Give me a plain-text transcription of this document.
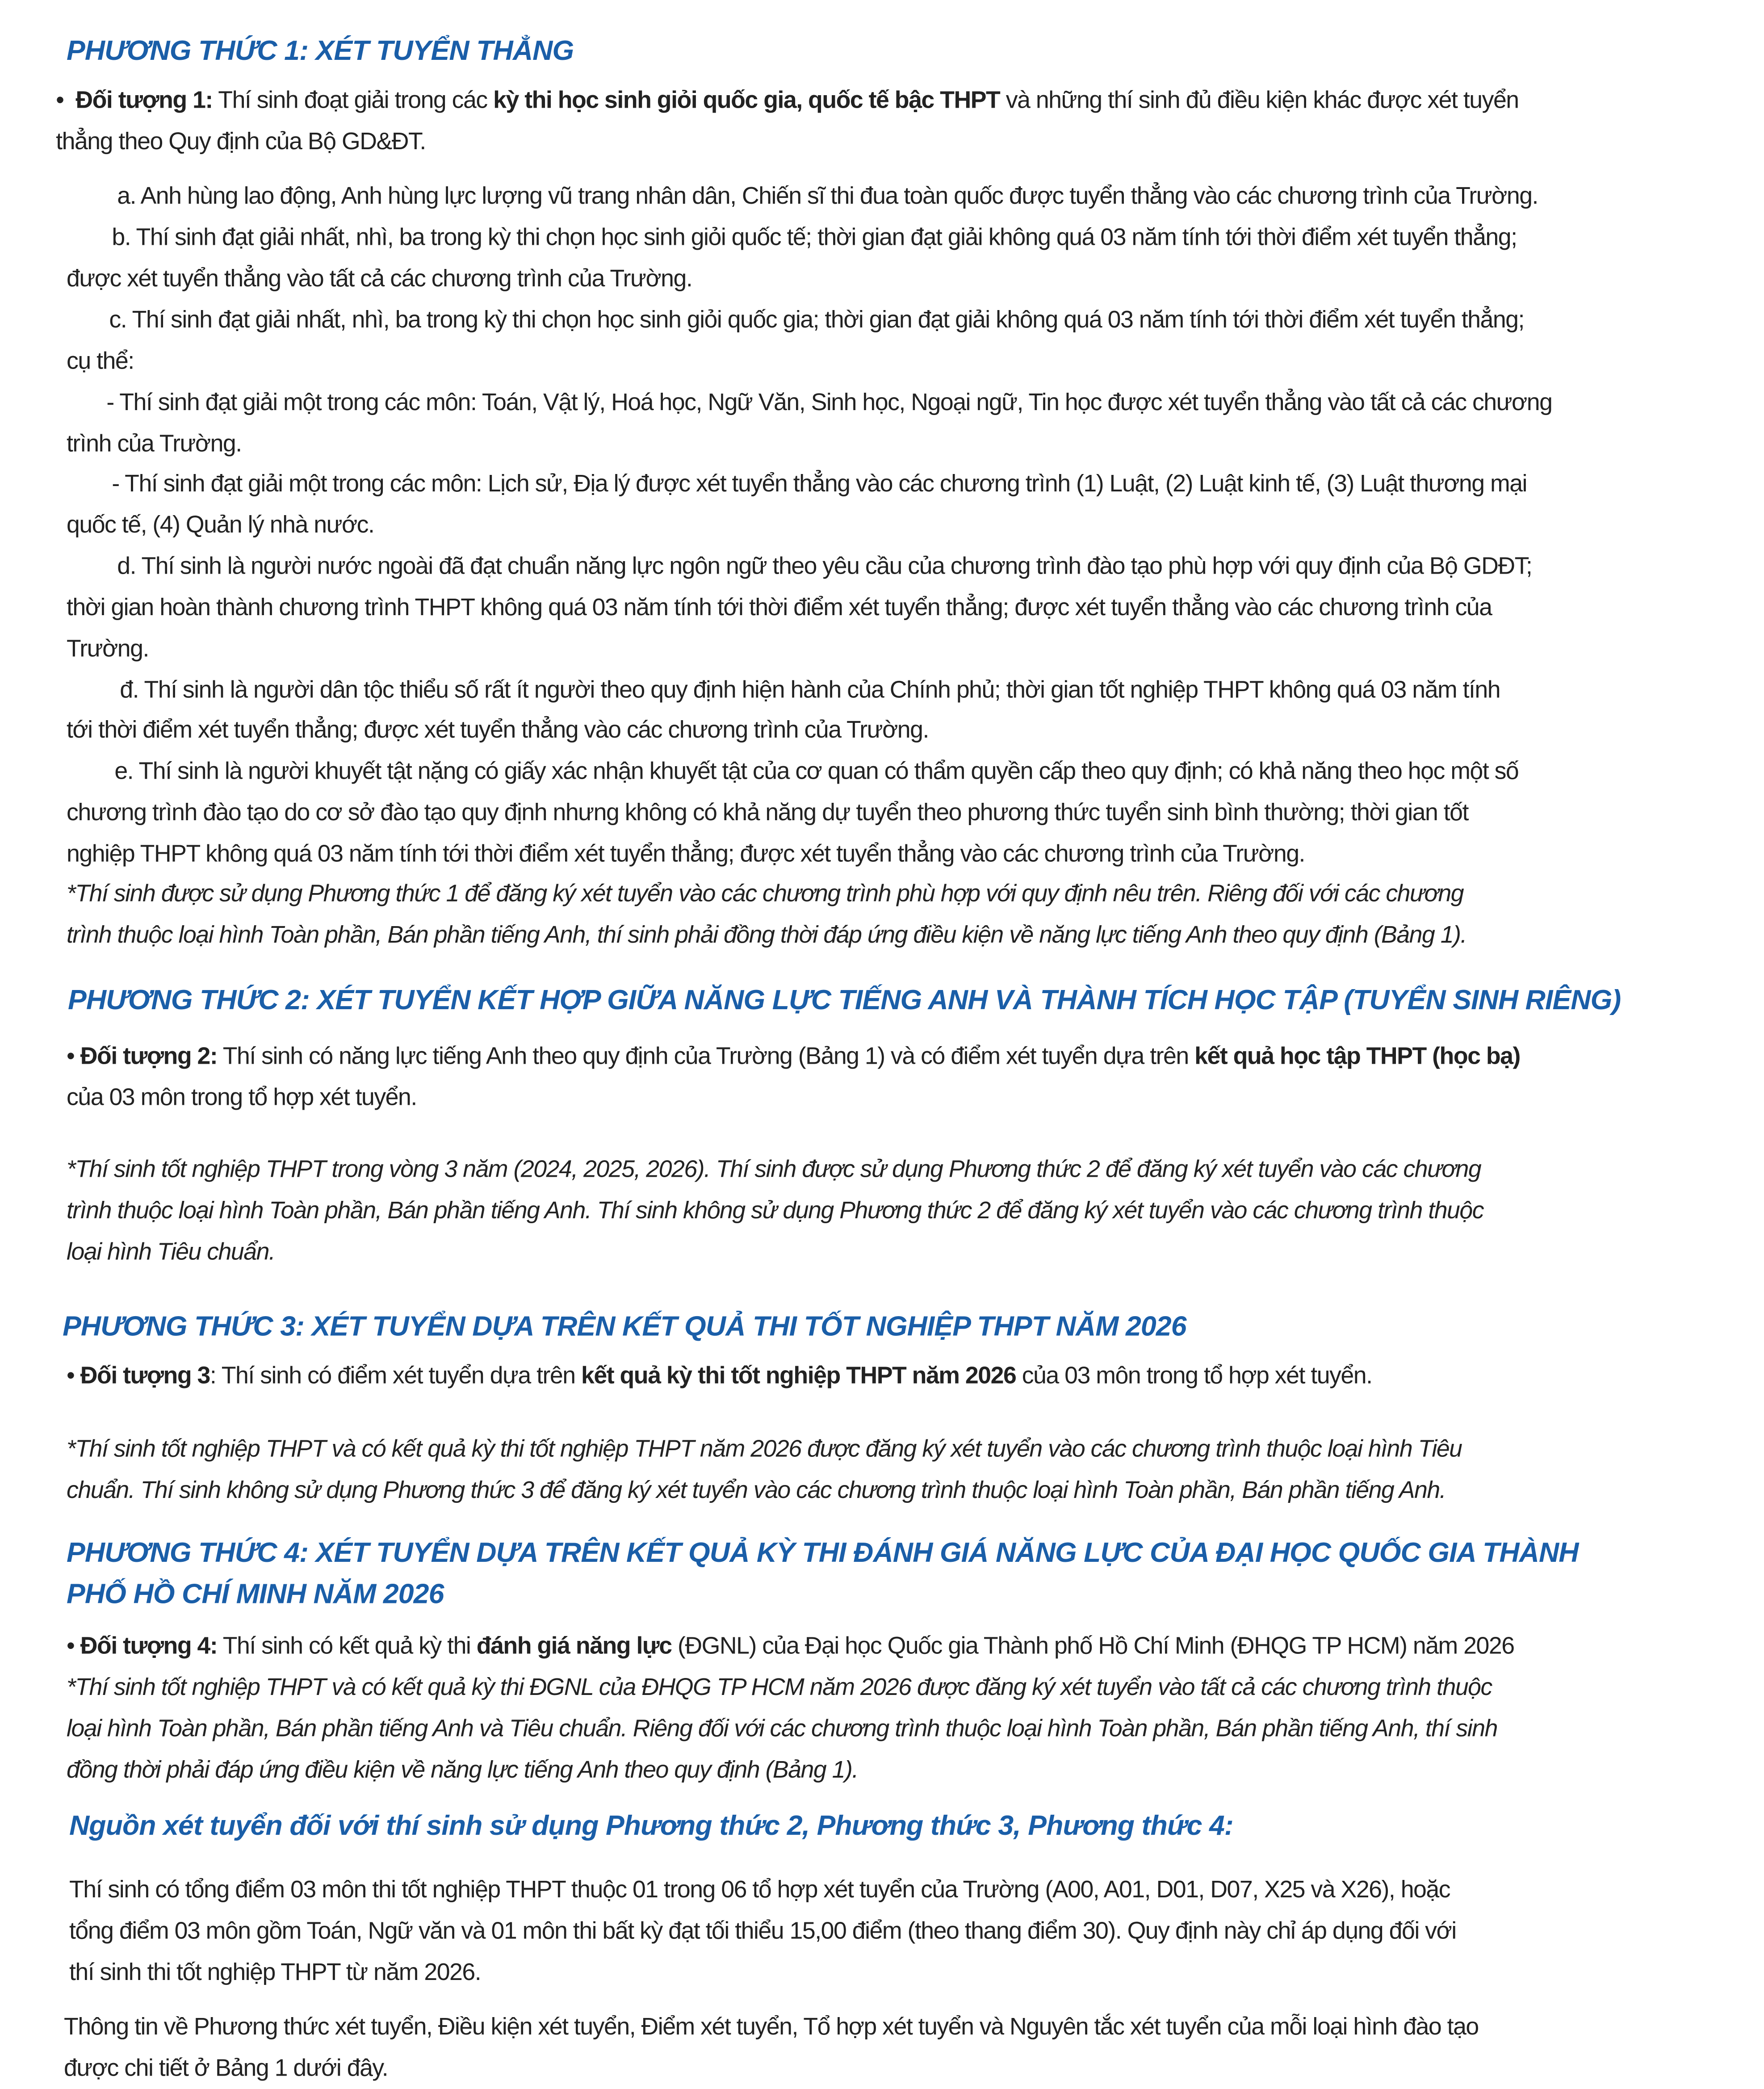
PHƯƠNG THỨC 1: XÉT TUYỂN THẲNG
• Đối tượng 1: Thí sinh đoạt giải trong các kỳ thi học sinh giỏi quốc gia, quốc tế bậc THPT và những thí sinh đủ điều kiện khác được xét tuyển
thẳng theo Quy định của Bộ GD&ĐT.
a. Anh hùng lao động, Anh hùng lực lượng vũ trang nhân dân, Chiến sĩ thi đua toàn quốc được tuyển thẳng vào các chương trình của Trường.
b. Thí sinh đạt giải nhất, nhì, ba trong kỳ thi chọn học sinh giỏi quốc tế; thời gian đạt giải không quá 03 năm tính tới thời điểm xét tuyển thẳng;
được xét tuyển thẳng vào tất cả các chương trình của Trường.
c. Thí sinh đạt giải nhất, nhì, ba trong kỳ thi chọn học sinh giỏi quốc gia; thời gian đạt giải không quá 03 năm tính tới thời điểm xét tuyển thẳng;
cụ thể:
- Thí sinh đạt giải một trong các môn: Toán, Vật lý, Hoá học, Ngữ Văn, Sinh học, Ngoại ngữ, Tin học được xét tuyển thẳng vào tất cả các chương
trình của Trường.
- Thí sinh đạt giải một trong các môn: Lịch sử, Địa lý được xét tuyển thẳng vào các chương trình (1) Luật, (2) Luật kinh tế, (3) Luật thương mại
quốc tế, (4) Quản lý nhà nước.
d. Thí sinh là người nước ngoài đã đạt chuẩn năng lực ngôn ngữ theo yêu cầu của chương trình đào tạo phù hợp với quy định của Bộ GDĐT;
thời gian hoàn thành chương trình THPT không quá 03 năm tính tới thời điểm xét tuyển thẳng; được xét tuyển thẳng vào các chương trình của
Trường.
đ. Thí sinh là người dân tộc thiểu số rất ít người theo quy định hiện hành của Chính phủ; thời gian tốt nghiệp THPT không quá 03 năm tính
tới thời điểm xét tuyển thẳng; được xét tuyển thẳng vào các chương trình của Trường.
e. Thí sinh là người khuyết tật nặng có giấy xác nhận khuyết tật của cơ quan có thẩm quyền cấp theo quy định; có khả năng theo học một số
chương trình đào tạo do cơ sở đào tạo quy định nhưng không có khả năng dự tuyển theo phương thức tuyển sinh bình thường; thời gian tốt
nghiệp THPT không quá 03 năm tính tới thời điểm xét tuyển thẳng; được xét tuyển thẳng vào các chương trình của Trường.
*Thí sinh được sử dụng Phương thức 1 để đăng ký xét tuyển vào các chương trình phù hợp với quy định nêu trên. Riêng đối với các chương
trình thuộc loại hình Toàn phần, Bán phần tiếng Anh, thí sinh phải đồng thời đáp ứng điều kiện về năng lực tiếng Anh theo quy định (Bảng 1).
PHƯƠNG THỨC 2: XÉT TUYỂN KẾT HỢP GIỮA NĂNG LỰC TIẾNG ANH VÀ THÀNH TÍCH HỌC TẬP (TUYỂN SINH RIÊNG)
• Đối tượng 2: Thí sinh có năng lực tiếng Anh theo quy định của Trường (Bảng 1) và có điểm xét tuyển dựa trên kết quả học tập THPT (học bạ)
của 03 môn trong tổ hợp xét tuyển.
*Thí sinh tốt nghiệp THPT trong vòng 3 năm (2024, 2025, 2026). Thí sinh được sử dụng Phương thức 2 để đăng ký xét tuyển vào các chương
trình thuộc loại hình Toàn phần, Bán phần tiếng Anh. Thí sinh không sử dụng Phương thức 2 để đăng ký xét tuyển vào các chương trình thuộc
loại hình Tiêu chuẩn.
PHƯƠNG THỨC 3: XÉT TUYỂN DỰA TRÊN KẾT QUẢ THI TỐT NGHIỆP THPT NĂM 2026
• Đối tượng 3: Thí sinh có điểm xét tuyển dựa trên kết quả kỳ thi tốt nghiệp THPT năm 2026 của 03 môn trong tổ hợp xét tuyển.
*Thí sinh tốt nghiệp THPT và có kết quả kỳ thi tốt nghiệp THPT năm 2026 được đăng ký xét tuyển vào các chương trình thuộc loại hình Tiêu
chuẩn. Thí sinh không sử dụng Phương thức 3 để đăng ký xét tuyển vào các chương trình thuộc loại hình Toàn phần, Bán phần tiếng Anh.
PHƯƠNG THỨC 4: XÉT TUYỂN DỰA TRÊN KẾT QUẢ KỲ THI ĐÁNH GIÁ NĂNG LỰC CỦA ĐẠI HỌC QUỐC GIA THÀNH
PHỐ HỒ CHÍ MINH NĂM 2026
• Đối tượng 4: Thí sinh có kết quả kỳ thi đánh giá năng lực (ĐGNL) của Đại học Quốc gia Thành phố Hồ Chí Minh (ĐHQG TP HCM) năm 2026
*Thí sinh tốt nghiệp THPT và có kết quả kỳ thi ĐGNL của ĐHQG TP HCM năm 2026 được đăng ký xét tuyển vào tất cả các chương trình thuộc
loại hình Toàn phần, Bán phần tiếng Anh và Tiêu chuẩn. Riêng đối với các chương trình thuộc loại hình Toàn phần, Bán phần tiếng Anh, thí sinh
đồng thời phải đáp ứng điều kiện về năng lực tiếng Anh theo quy định (Bảng 1).
Nguồn xét tuyển đối với thí sinh sử dụng Phương thức 2, Phương thức 3, Phương thức 4:
Thí sinh có tổng điểm 03 môn thi tốt nghiệp THPT thuộc 01 trong 06 tổ hợp xét tuyển của Trường (A00, A01, D01, D07, X25 và X26), hoặc
tổng điểm 03 môn gồm Toán, Ngữ văn và 01 môn thi bất kỳ đạt tối thiểu 15,00 điểm (theo thang điểm 30). Quy định này chỉ áp dụng đối với
thí sinh thi tốt nghiệp THPT từ năm 2026.
Thông tin về Phương thức xét tuyển, Điều kiện xét tuyển, Điểm xét tuyển, Tổ hợp xét tuyển và Nguyên tắc xét tuyển của mỗi loại hình đào tạo
được chi tiết ở Bảng 1 dưới đây.
